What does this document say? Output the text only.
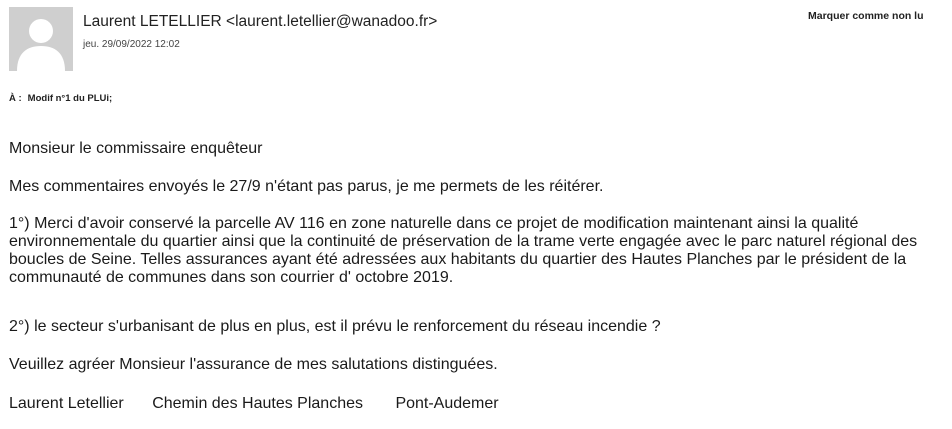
Laurent LETELLIER <laurent.letellier@wanadoo.fr>
jeu. 29/09/2022 12:02
Marquer comme non lu
À : Modif n°1 du PLUi;

Monsieur le commissaire enquêteur

Mes commentaires envoyés le 27/9 n'étant pas parus, je me permets de les réitérer.

1°) Merci d'avoir conservé la parcelle AV 116 en zone naturelle dans ce projet de modification maintenant ainsi la qualité environnementale du quartier ainsi que la continuité de préservation de la trame verte engagée avec le parc naturel régional des boucles de Seine. Telles assurances ayant été adressées aux habitants du quartier des Hautes Planches par le président de la communauté de communes dans son courrier d' octobre 2019.

2°) le secteur s'urbanisant de plus en plus, est il prévu le renforcement du réseau incendie ?

Veuillez agréer Monsieur l'assurance de mes salutations distinguées.

Laurent Letellier Chemin des Hautes Planches Pont-Audemer
